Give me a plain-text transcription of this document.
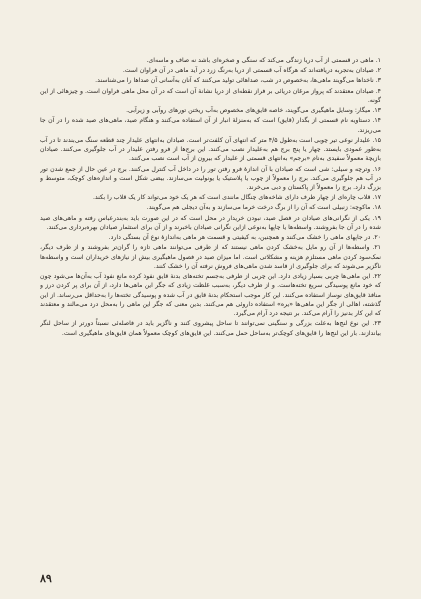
۱. ماهی در قسمتی از آب دریا زندگی می‌کند که سنگی و صخره‌ای باشد نه صاف و ماسه‌ای.

۲. صیادان به‌تجربه دریافته‌اند که هرگاه آب قسمتی از دریا به‌رنگ زرد در آید ماهی در آن فراوان است.

۳. ناخداها می‌گویند ماهی‌ها، به‌خصوص در شب، صداهائی تولید می‌کنند که آنان به‌آسانی آن صداها را می‌شناسند.

۴. صیادان معتقدند که پرواز مرغان دریائی بر فراز نقطه‌ای از دریا نشانهٔ آن است که در آن محل ماهی فراوان است. و چیزهائی از این گونه.

۱۳. میگار: وسایل ماهیگیری می‌گویند، خاصه قایق‌های مخصوص به‌آب ریختن تورهای روآبی و زیرآبی.

۱۴. دستاویه نام قسمتی از بگدار (قایق) است که به‌منزلهٔ انبار از آن استفاده می‌کنند و هنگام صید، ماهی‌های صید شده را در آن جا می‌ریزند.

۱۵. علیدار نوعی تیر چوبی است به‌طول ۴/۵ متر که انتهای آن کلفت‌تر است. صیادان به‌انتهای علیدار چند قطعه سنگ می‌بندند تا در آب به‌طور عمودی بایستد. چهار یا پنج برج هم به‌علیدار نصب می‌کنند. این برج‌ها از فرو رفتن علیدار در آب جلوگیری می‌کنند. صیادان بازیچهٔ معمولاً سفیدی به‌نام «برجم» به‌انتهای قسمتی از علیدار که بیرون از آب است نصب می‌کنند.

۱۶. وترچه و سیلی: شی است که صیادان با آن اندازهٔ فرو رفتن تور را در داخل آب کنترل می‌کنند. برج در عین حال از جمع شدن تور در آب هم جلوگیری می‌کند. برج را معمولاً از چوب یا پلاستیک یا یونولیت می‌سازند. بیضی شکل است و اندازه‌های کوچک، متوسط و بزرگ دارد. برج را معمولاً از پاکستان و دبی می‌خرند.

۱۷. قلاب چاره‌ای از چهار طرف دارای شاخه‌های چنگال مانندی است که هر یک خود می‌تواند کار یک قلاب را بکند.

۱۸. ماکوچه: زنبیلی است که آن را از برگ درخت خرما می‌سازند و به‌آن دیجلی هم می‌گویند.

۱۹. یکی از نگرانی‌های صیادان در فصل صید، نبودن خریدار در محل است که در این صورت باید به‌بندرعباس رفته و ماهی‌های صید شده را در آن جا بفروشند. واسطه‌ها یا چاپها به‌نوعی ازاین نگرانی صیادان باخبرند و از آن برای استثمار صیادان بهره‌برداری می‌کنند.

۲۰. در جاپهای ماهی را خشک می‌کنند و همچنین، به کیفیتی و قسمت هر ماهی به‌اندازهٔ نوع آن بستگی دارد.

۲۱. واسطه‌ها از آن رو مایل به‌خشک کردن ماهی نیستند که از طرفی می‌توانند ماهی تازه را گران‌تر بفروشند و از طرف دیگر، نمک‌سود کردن ماهی مستلزم هزینه و مشکلاتی است. اما میزان صید در فصول ماهیگیری بیش از نیازهای خریداران است و واسطه‌ها ناگزیر می‌شوند که برای جلوگیری از فاسد شدن ماهی‌های فروش نرفته آن را خشک کنند.

۲۲. این ماهی‌ها چربی بسیار زیادی دارد. این چربی از طرفی به‌جسم تخته‌های بدنهٔ قایق نفوذ کرده مانع نفوذ آب به‌آن‌ها می‌شود چون که خود مانع پوسیدگی سریع تخته‌هاست. و از طرف دیگر، به‌سبب غلظت زیادی که جگر این ماهی‌ها دارد، از آن برای پر کردن درز و منافذ قایق‌های نوساز استفاده می‌کنند. این کار موجب استحکام بدنهٔ قایق در آب شده و پوسیدگی تخته‌ها را به‌حداقل می‌رساند. از این گذشته، اهالی از جگر این ماهی‌ها «یره» استفاده داروئی هم می‌کنند. بدین معنی که جگر این ماهی را به‌محل درد می‌مالند و معتقدند که این کار بدنیز را آرام می‌کند. بر نتیجه درد آرام می‌گیرد.

۲۳. این نوع لنج‌ها به‌علت بزرگی و سنگینی نمی‌توانند تا ساحل پیشروی کنند و ناگزیر باید در فاصله‌ئی نسبتاً دورتر از ساحل لنگر بیاندازند. بار این لنج‌ها را قایق‌های کوچک‌تر به‌ساحل حمل می‌کنند. این قایق‌های کوچک معمولاً همان قایق‌های ماهیگیری است.

۸۹
